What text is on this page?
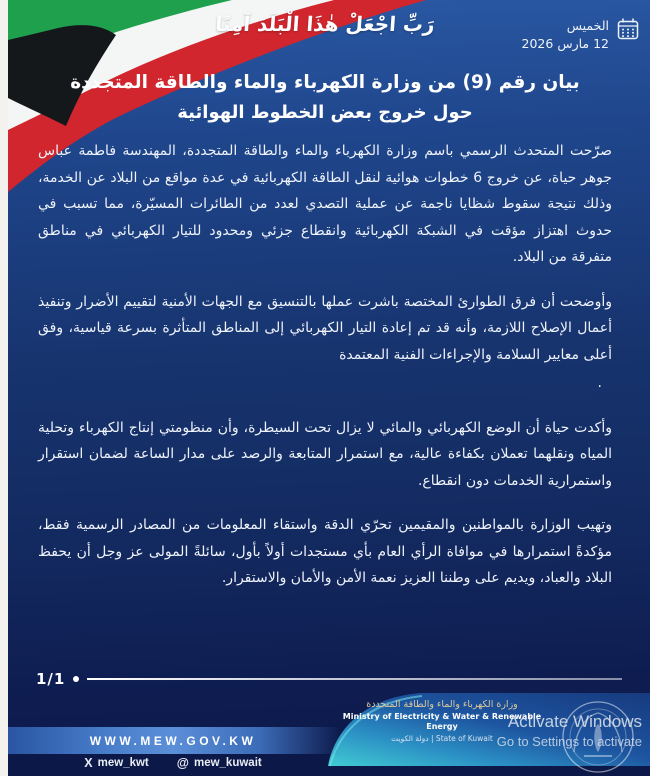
رَبِّ اجْعَلْ هٰذَا الْبَلَدَ آمِنًا	الخميس
12 مارس 2026
بيان رقم (9) من وزارة الكهرباء والماء والطاقة المتجددة
حول خروج بعض الخطوط الهوائية

صرّحت المتحدث الرسمي باسم وزارة الكهرباء والماء والطاقة المتجددة، المهندسة فاطمة عباس جوهر حياة، عن خروج 6 خطوات هوائية لنقل الطاقة الكهربائية في عدة مواقع من البلاد عن الخدمة، وذلك نتيجة سقوط شظايا ناجمة عن عملية التصدي لعدد من الطائرات المسيّرة، مما تسبب في حدوث اهتزاز مؤقت في الشبكة الكهربائية وانقطاع جزئي ومحدود للتيار الكهربائي في مناطق متفرقة من البلاد.

وأوضحت أن فرق الطوارئ المختصة باشرت عملها بالتنسيق مع الجهات الأمنية لتقييم الأضرار وتنفيذ أعمال الإصلاح اللازمة، وأنه قد تم إعادة التيار الكهربائي إلى المناطق المتأثرة بسرعة قياسية، وفق أعلى معايير السلامة والإجراءات الفنية المعتمدة

.

وأكدت حياة أن الوضع الكهربائي والمائي لا يزال تحت السيطرة، وأن منظومتي إنتاج الكهرباء وتحلية المياه ونقلهما تعملان بكفاءة عالية، مع استمرار المتابعة والرصد على مدار الساعة لضمان استقرار واستمرارية الخدمات دون انقطاع.

وتهيب الوزارة بالمواطنين والمقيمين تحرّي الدقة واستقاء المعلومات من المصادر الرسمية فقط، مؤكدةً استمرارها في موافاة الرأي العام بأي مستجدات أولاً بأول، سائلةً المولى عز وجل أن يحفظ البلاد والعباد، ويديم على وطننا العزيز نعمة الأمن والأمان والاستقرار.

1/1
وزارة الكهرباء والماء والطاقة المتجددة
Ministry of Electricity & Water & Renewable Energy
دولة الكويت | State of Kuwait
WWW.MEW.GOV.KW
X mew_kwt @ mew_kuwait
Activate Windows
Go to Settings to activate
